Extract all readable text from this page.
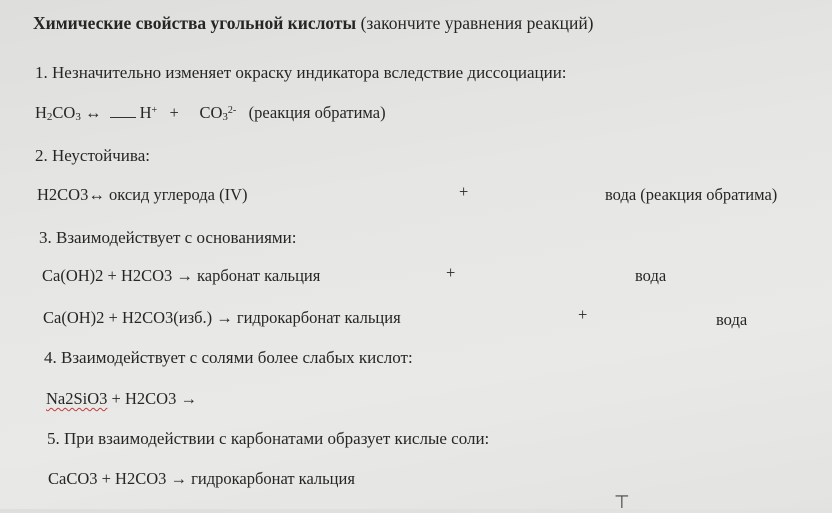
Химические свойства угольной кислоты (закончите уравнения реакций)
1. Незначительно изменяет окраску индикатора вследствие диссоциации:
$H_2CO_3$ ↔ $H^+ + CO_3^{2-}$ (реакция обратима)
2. Неустойчива:
H2CO3↔ оксид углерода (IV)	+	вода (реакция обратима)
3. Взаимодействует с основаниями:
Ca(OH)2 + H2CO3 → карбонат кальция	+	вода
Ca(OH)2 + H2CO3(изб.) → гидрокарбонат кальция	+	вода
4. Взаимодействует с солями более слабых кислот:
Na2SiO3 + H2CO3 →
5. При взаимодействии с карбонатами образует кислые соли:
CaCO3 + H2CO3 → гидрокарбонат кальция
⊤
